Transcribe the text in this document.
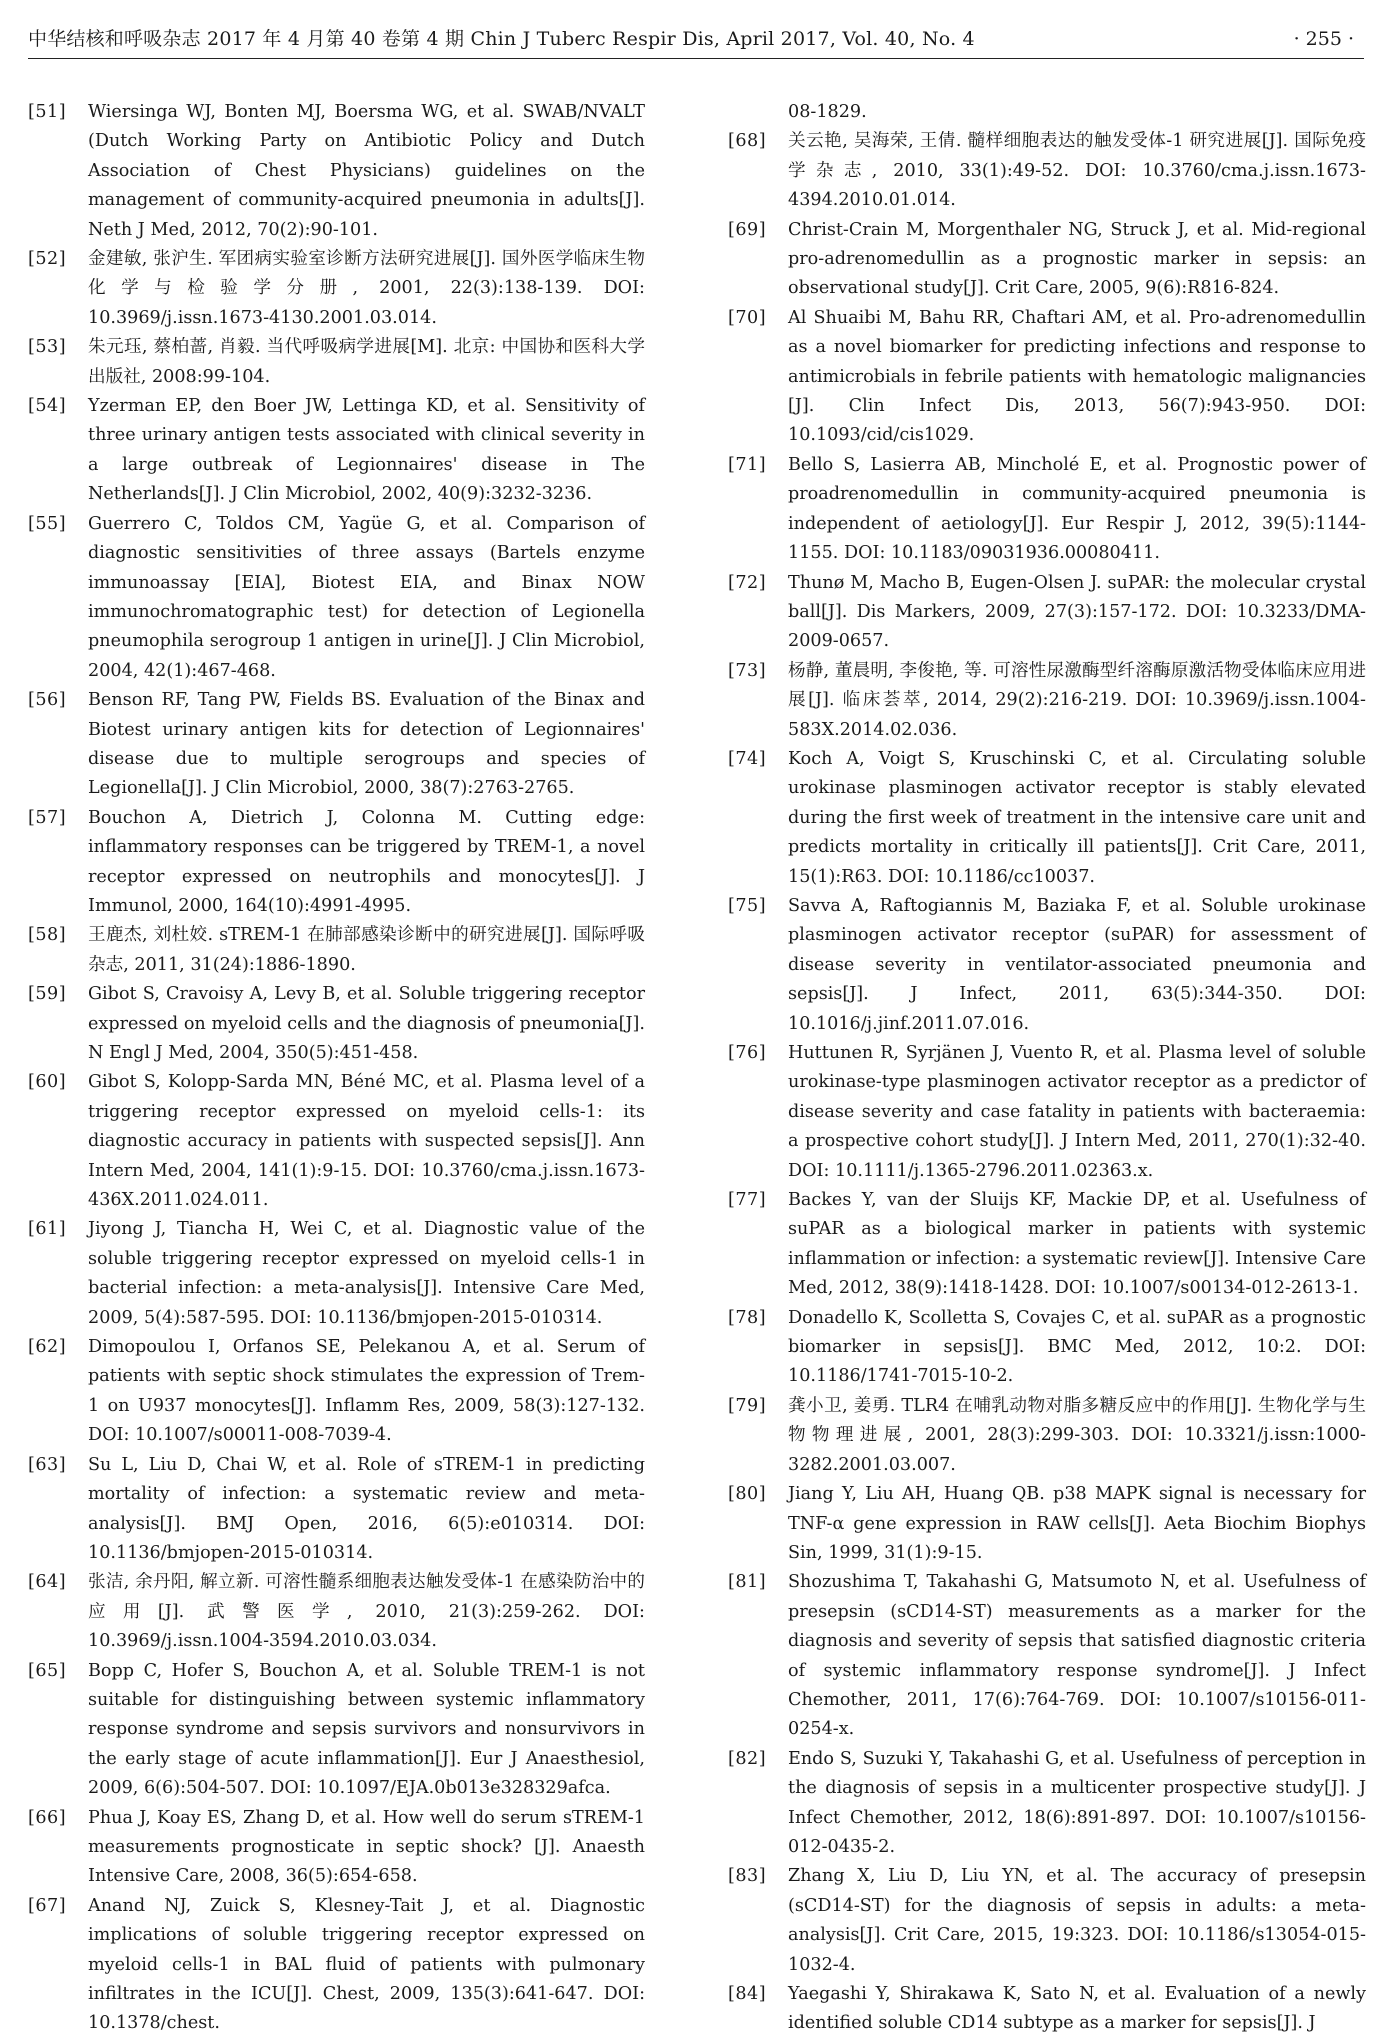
中华结核和呼吸杂志 2017 年 4 月第 40 卷第 4 期 Chin J Tuberc Respir Dis, April 2017, Vol. 40, No. 4	· 255 ·
[51]	Wiersinga WJ, Bonten MJ, Boersma WG, et al. SWAB/NVALT (Dutch Working Party on Antibiotic Policy and Dutch Association of Chest Physicians) guidelines on the management of community-acquired pneumonia in adults[J]. Neth J Med, 2012, 70(2):90-101.
[52]	金建敏, 张沪生. 军团病实验室诊断方法研究进展[J]. 国外医学临床生物化学与检验学分册, 2001, 22(3):138-139. DOI: 10.3969/j.issn.1673-4130.2001.03.014.
[53]	朱元珏, 蔡柏蔷, 肖毅. 当代呼吸病学进展[M]. 北京: 中国协和医科大学出版社, 2008:99-104.
[54]	Yzerman EP, den Boer JW, Lettinga KD, et al. Sensitivity of three urinary antigen tests associated with clinical severity in a large outbreak of Legionnaires' disease in The Netherlands[J]. J Clin Microbiol, 2002, 40(9):3232-3236.
[55]	Guerrero C, Toldos CM, Yagüe G, et al. Comparison of diagnostic sensitivities of three assays (Bartels enzyme immunoassay [EIA], Biotest EIA, and Binax NOW immunochromatographic test) for detection of Legionella pneumophila serogroup 1 antigen in urine[J]. J Clin Microbiol, 2004, 42(1):467-468.
[56]	Benson RF, Tang PW, Fields BS. Evaluation of the Binax and Biotest urinary antigen kits for detection of Legionnaires' disease due to multiple serogroups and species of Legionella[J]. J Clin Microbiol, 2000, 38(7):2763-2765.
[57]	Bouchon A, Dietrich J, Colonna M. Cutting edge: inflammatory responses can be triggered by TREM-1, a novel receptor expressed on neutrophils and monocytes[J]. J Immunol, 2000, 164(10):4991-4995.
[58]	王鹿杰, 刘杜姣. sTREM-1 在肺部感染诊断中的研究进展[J]. 国际呼吸杂志, 2011, 31(24):1886-1890.
[59]	Gibot S, Cravoisy A, Levy B, et al. Soluble triggering receptor expressed on myeloid cells and the diagnosis of pneumonia[J]. N Engl J Med, 2004, 350(5):451-458.
[60]	Gibot S, Kolopp-Sarda MN, Béné MC, et al. Plasma level of a triggering receptor expressed on myeloid cells-1: its diagnostic accuracy in patients with suspected sepsis[J]. Ann Intern Med, 2004, 141(1):9-15. DOI: 10.3760/cma.j.issn.1673-436X.2011.024.011.
[61]	Jiyong J, Tiancha H, Wei C, et al. Diagnostic value of the soluble triggering receptor expressed on myeloid cells-1 in bacterial infection: a meta-analysis[J]. Intensive Care Med, 2009, 5(4):587-595. DOI: 10.1136/bmjopen-2015-010314.
[62]	Dimopoulou I, Orfanos SE, Pelekanou A, et al. Serum of patients with septic shock stimulates the expression of Trem-1 on U937 monocytes[J]. Inflamm Res, 2009, 58(3):127-132. DOI: 10.1007/s00011-008-7039-4.
[63]	Su L, Liu D, Chai W, et al. Role of sTREM-1 in predicting mortality of infection: a systematic review and meta-analysis[J]. BMJ Open, 2016, 6(5):e010314. DOI: 10.1136/bmjopen-2015-010314.
[64]	张洁, 余丹阳, 解立新. 可溶性髓系细胞表达触发受体-1 在感染防治中的应用[J]. 武警医学, 2010, 21(3):259-262. DOI: 10.3969/j.issn.1004-3594.2010.03.034.
[65]	Bopp C, Hofer S, Bouchon A, et al. Soluble TREM-1 is not suitable for distinguishing between systemic inflammatory response syndrome and sepsis survivors and nonsurvivors in the early stage of acute inflammation[J]. Eur J Anaesthesiol, 2009, 6(6):504-507. DOI: 10.1097/EJA.0b013e328329afca.
[66]	Phua J, Koay ES, Zhang D, et al. How well do serum sTREM-1 measurements prognosticate in septic shock? [J]. Anaesth Intensive Care, 2008, 36(5):654-658.
[67]	Anand NJ, Zuick S, Klesney-Tait J, et al. Diagnostic implications of soluble triggering receptor expressed on myeloid cells-1 in BAL fluid of patients with pulmonary infiltrates in the ICU[J]. Chest, 2009, 135(3):641-647. DOI: 10.1378/chest.
08-1829.
[68]	关云艳, 吴海荣, 王倩. 髓样细胞表达的触发受体-1 研究进展[J]. 国际免疫学杂志, 2010, 33(1):49-52. DOI: 10.3760/cma.j.issn.1673-4394.2010.01.014.
[69]	Christ-Crain M, Morgenthaler NG, Struck J, et al. Mid-regional pro-adrenomedullin as a prognostic marker in sepsis: an observational study[J]. Crit Care, 2005, 9(6):R816-824.
[70]	Al Shuaibi M, Bahu RR, Chaftari AM, et al. Pro-adrenomedullin as a novel biomarker for predicting infections and response to antimicrobials in febrile patients with hematologic malignancies [J]. Clin Infect Dis, 2013, 56(7):943-950. DOI: 10.1093/cid/cis1029.
[71]	Bello S, Lasierra AB, Mincholé E, et al. Prognostic power of proadrenomedullin in community-acquired pneumonia is independent of aetiology[J]. Eur Respir J, 2012, 39(5):1144-1155. DOI: 10.1183/09031936.00080411.
[72]	Thunø M, Macho B, Eugen-Olsen J. suPAR: the molecular crystal ball[J]. Dis Markers, 2009, 27(3):157-172. DOI: 10.3233/DMA-2009-0657.
[73]	杨静, 董晨明, 李俊艳, 等. 可溶性尿激酶型纤溶酶原激活物受体临床应用进展[J]. 临床荟萃, 2014, 29(2):216-219. DOI: 10.3969/j.issn.1004-583X.2014.02.036.
[74]	Koch A, Voigt S, Kruschinski C, et al. Circulating soluble urokinase plasminogen activator receptor is stably elevated during the first week of treatment in the intensive care unit and predicts mortality in critically ill patients[J]. Crit Care, 2011, 15(1):R63. DOI: 10.1186/cc10037.
[75]	Savva A, Raftogiannis M, Baziaka F, et al. Soluble urokinase plasminogen activator receptor (suPAR) for assessment of disease severity in ventilator-associated pneumonia and sepsis[J]. J Infect, 2011, 63(5):344-350. DOI: 10.1016/j.jinf.2011.07.016.
[76]	Huttunen R, Syrjänen J, Vuento R, et al. Plasma level of soluble urokinase-type plasminogen activator receptor as a predictor of disease severity and case fatality in patients with bacteraemia: a prospective cohort study[J]. J Intern Med, 2011, 270(1):32-40. DOI: 10.1111/j.1365-2796.2011.02363.x.
[77]	Backes Y, van der Sluijs KF, Mackie DP, et al. Usefulness of suPAR as a biological marker in patients with systemic inflammation or infection: a systematic review[J]. Intensive Care Med, 2012, 38(9):1418-1428. DOI: 10.1007/s00134-012-2613-1.
[78]	Donadello K, Scolletta S, Covajes C, et al. suPAR as a prognostic biomarker in sepsis[J]. BMC Med, 2012, 10:2. DOI: 10.1186/1741-7015-10-2.
[79]	龚小卫, 姜勇. TLR4 在哺乳动物对脂多糖反应中的作用[J]. 生物化学与生物物理进展, 2001, 28(3):299-303. DOI: 10.3321/j.issn:1000-3282.2001.03.007.
[80]	Jiang Y, Liu AH, Huang QB. p38 MAPK signal is necessary for TNF-α gene expression in RAW cells[J]. Aeta Biochim Biophys Sin, 1999, 31(1):9-15.
[81]	Shozushima T, Takahashi G, Matsumoto N, et al. Usefulness of presepsin (sCD14-ST) measurements as a marker for the diagnosis and severity of sepsis that satisfied diagnostic criteria of systemic inflammatory response syndrome[J]. J Infect Chemother, 2011, 17(6):764-769. DOI: 10.1007/s10156-011-0254-x.
[82]	Endo S, Suzuki Y, Takahashi G, et al. Usefulness of perception in the diagnosis of sepsis in a multicenter prospective study[J]. J Infect Chemother, 2012, 18(6):891-897. DOI: 10.1007/s10156-012-0435-2.
[83]	Zhang X, Liu D, Liu YN, et al. The accuracy of presepsin (sCD14-ST) for the diagnosis of sepsis in adults: a meta-analysis[J]. Crit Care, 2015, 19:323. DOI: 10.1186/s13054-015-1032-4.
[84]	Yaegashi Y, Shirakawa K, Sato N, et al. Evaluation of a newly identified soluble CD14 subtype as a marker for sepsis[J]. J
